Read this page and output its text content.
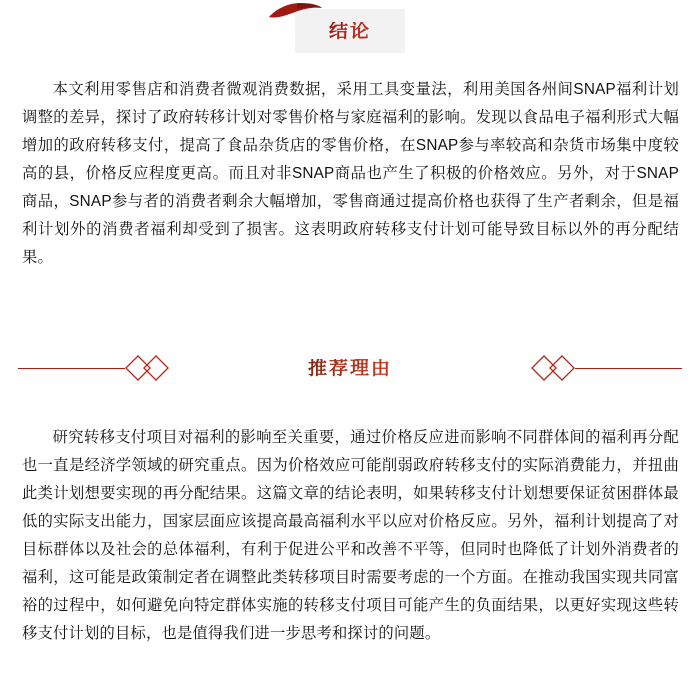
结论
本文利用零售店和消费者微观消费数据，采用工具变量法，利用美国各州间SNAP福利计划调整的差异，探讨了政府转移计划对零售价格与家庭福利的影响。发现以食品电子福利形式大幅增加的政府转移支付，提高了食品杂货店的零售价格，在SNAP参与率较高和杂货市场集中度较高的县，价格反应程度更高。而且对非SNAP商品也产生了积极的价格效应。另外，对于SNAP商品，SNAP参与者的消费者剩余大幅增加，零售商通过提高价格也获得了生产者剩余，但是福利计划外的消费者福利却受到了损害。这表明政府转移支付计划可能导致目标以外的再分配结果。
推荐理由
研究转移支付项目对福利的影响至关重要，通过价格反应进而影响不同群体间的福利再分配也一直是经济学领域的研究重点。因为价格效应可能削弱政府转移支付的实际消费能力，并扭曲此类计划想要实现的再分配结果。这篇文章的结论表明，如果转移支付计划想要保证贫困群体最低的实际支出能力，国家层面应该提高最高福利水平以应对价格反应。另外，福利计划提高了对目标群体以及社会的总体福利，有利于促进公平和改善不平等，但同时也降低了计划外消费者的福利，这可能是政策制定者在调整此类转移项目时需要考虑的一个方面。在推动我国实现共同富裕的过程中，如何避免向特定群体实施的转移支付项目可能产生的负面结果，以更好实现这些转移支付计划的目标，也是值得我们进一步思考和探讨的问题。
